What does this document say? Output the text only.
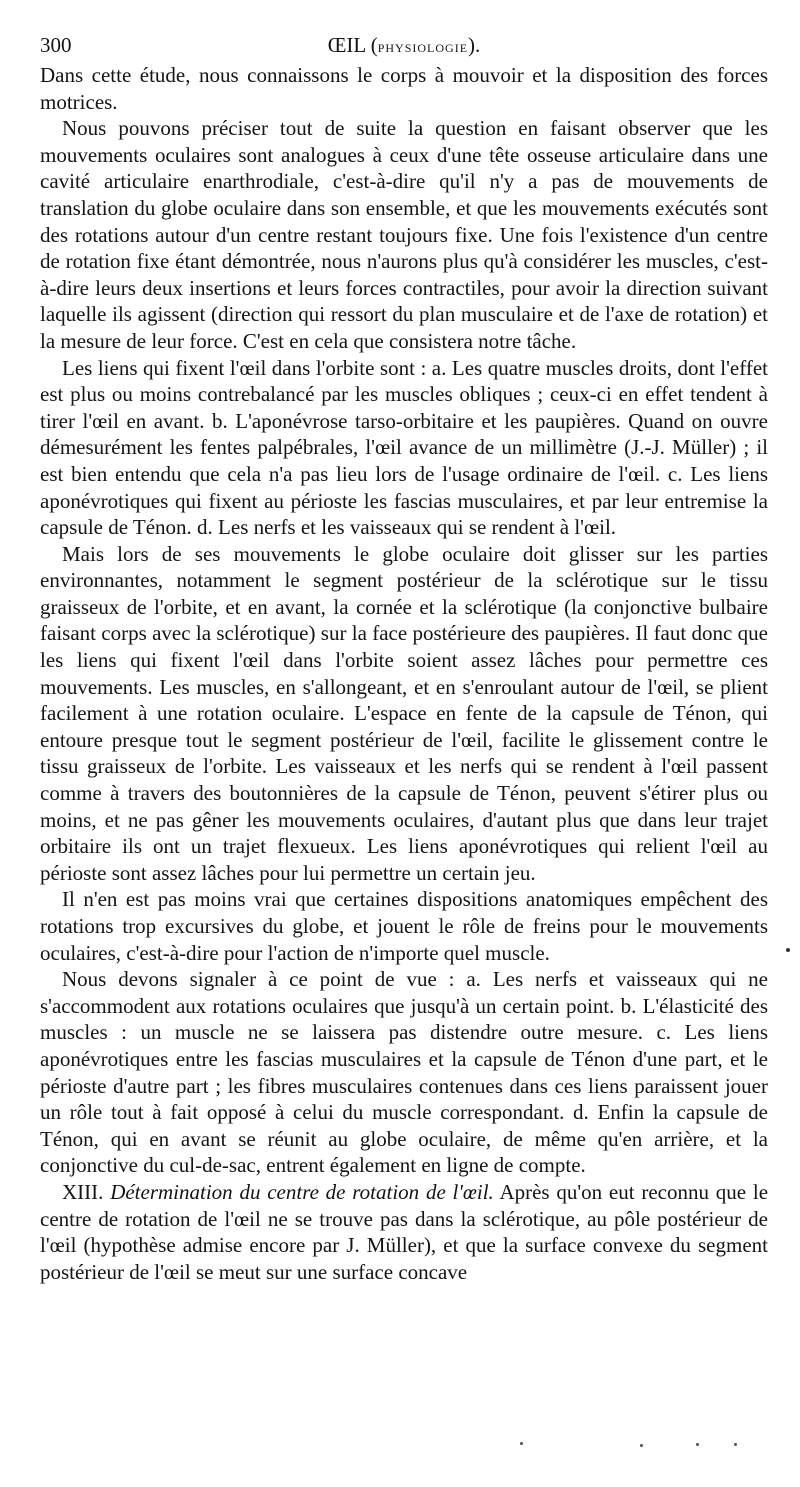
300	ŒIL (physiologie).

Dans cette étude, nous connaissons le corps à mouvoir et la disposition des forces motrices.

Nous pouvons préciser tout de suite la question en faisant observer que les mouvements oculaires sont analogues à ceux d'une tête osseuse articulaire dans une cavité articulaire enarthrodiale, c'est-à-dire qu'il n'y a pas de mouvements de translation du globe oculaire dans son ensemble, et que les mouvements exécutés sont des rotations autour d'un centre restant toujours fixe. Une fois l'existence d'un centre de rotation fixe étant démontrée, nous n'aurons plus qu'à considérer les muscles, c'est-à-dire leurs deux insertions et leurs forces contractiles, pour avoir la direction suivant laquelle ils agissent (direction qui ressort du plan musculaire et de l'axe de rotation) et la mesure de leur force. C'est en cela que consistera notre tâche.

Les liens qui fixent l'œil dans l'orbite sont : a. Les quatre muscles droits, dont l'effet est plus ou moins contrebalancé par les muscles obliques ; ceux-ci en effet tendent à tirer l'œil en avant. b. L'aponévrose tarso-orbitaire et les paupières. Quand on ouvre démesurément les fentes palpébrales, l'œil avance de un millimètre (J.-J. Müller) ; il est bien entendu que cela n'a pas lieu lors de l'usage ordinaire de l'œil. c. Les liens aponévrotiques qui fixent au périoste les fascias musculaires, et par leur entremise la capsule de Ténon. d. Les nerfs et les vaisseaux qui se rendent à l'œil.

Mais lors de ses mouvements le globe oculaire doit glisser sur les parties environnantes, notamment le segment postérieur de la sclérotique sur le tissu graisseux de l'orbite, et en avant, la cornée et la sclérotique (la conjonctive bulbaire faisant corps avec la sclérotique) sur la face postérieure des paupières. Il faut donc que les liens qui fixent l'œil dans l'orbite soient assez lâches pour permettre ces mouvements. Les muscles, en s'allongeant, et en s'enroulant autour de l'œil, se plient facilement à une rotation oculaire. L'espace en fente de la capsule de Ténon, qui entoure presque tout le segment postérieur de l'œil, facilite le glissement contre le tissu graisseux de l'orbite. Les vaisseaux et les nerfs qui se rendent à l'œil passent comme à travers des boutonnières de la capsule de Ténon, peuvent s'étirer plus ou moins, et ne pas gêner les mouvements oculaires, d'autant plus que dans leur trajet orbitaire ils ont un trajet flexueux. Les liens aponévrotiques qui relient l'œil au périoste sont assez lâches pour lui permettre un certain jeu.

Il n'en est pas moins vrai que certaines dispositions anatomiques empêchent des rotations trop excursives du globe, et jouent le rôle de freins pour le mouvements oculaires, c'est-à-dire pour l'action de n'importe quel muscle.

Nous devons signaler à ce point de vue : a. Les nerfs et vaisseaux qui ne s'accommodent aux rotations oculaires que jusqu'à un certain point. b. L'élasticité des muscles : un muscle ne se laissera pas distendre outre mesure. c. Les liens aponévrotiques entre les fascias musculaires et la capsule de Ténon d'une part, et le périoste d'autre part ; les fibres musculaires contenues dans ces liens paraissent jouer un rôle tout à fait opposé à celui du muscle correspondant. d. Enfin la capsule de Ténon, qui en avant se réunit au globe oculaire, de même qu'en arrière, et la conjonctive du cul-de-sac, entrent également en ligne de compte.

XIII. Détermination du centre de rotation de l'œil. Après qu'on eut reconnu que le centre de rotation de l'œil ne se trouve pas dans la sclérotique, au pôle postérieur de l'œil (hypothèse admise encore par J. Müller), et que la surface convexe du segment postérieur de l'œil se meut sur une surface concave
